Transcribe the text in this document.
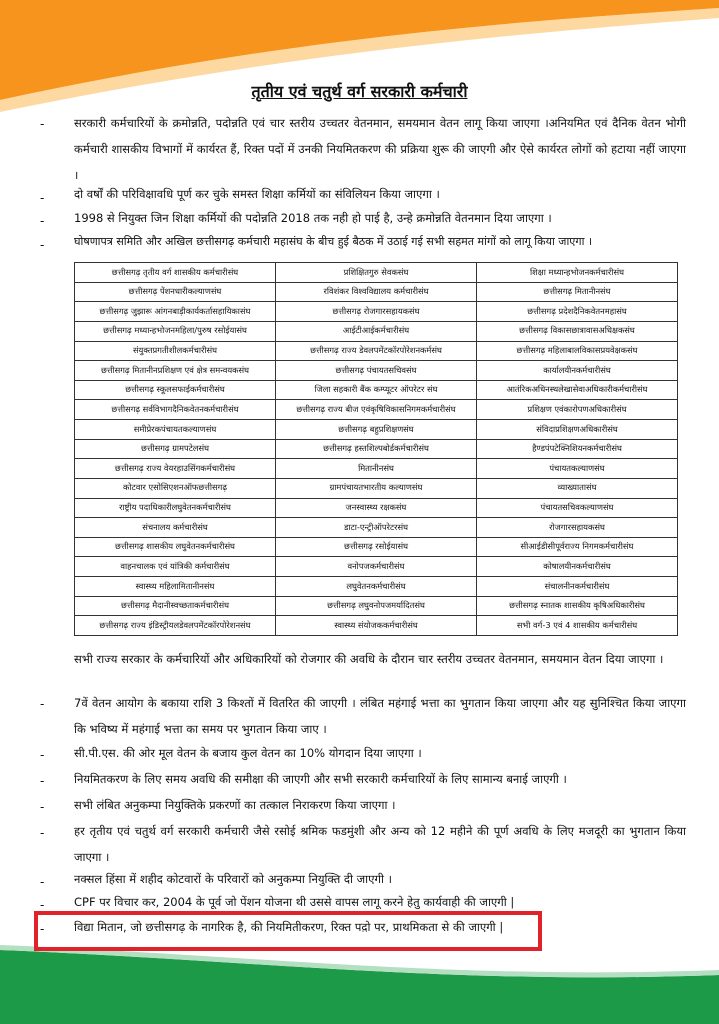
तृतीय एवं चतुर्थ वर्ग सरकारी कर्मचारी
-	सरकारी कर्मचारियों के क्रमोन्नति, पदोन्नति एवं चार स्तरीय उच्चतर वेतनमान, समयमान वेतन लागू किया जाएगा ।अनियमित एवं दैनिक वेतन भोगी कर्मचारी शासकीय विभागों में कार्यरत हैं, रिक्त पदों में उनकी नियमितकरण की प्रक्रिया शुरू की जाएगी और ऐसे कार्यरत लोगों को हटाया नहीं जाएगा ।
-	दो वर्षों की परिविक्षावधि पूर्ण कर चुके समस्त शिक्षा कर्मियों का संविलियन किया जाएगा ।
-	1998 से नियुक्त जिन शिक्षा कर्मियों की पदोन्नति 2018 तक नही हो पाई है, उन्हे क्रमोन्नति वेतनमान दिया जाएगा ।
-	घोषणापत्र समिति और अखिल छत्तीसगढ़ कर्मचारी महासंघ के बीच हुई बैठक में उठाई गई सभी सहमत मांगों को लागू किया जाएगा ।
छत्तीसगढ़ तृतीय वर्ग शासकीय कर्मचारीसंघ	प्रशिक्षितगुरु सेवकसंघ	शिक्षा मध्यान्हभोजनकर्मचारीसंघ
छत्तीसगढ़ पेंशनधारीकल्याणसंघ	रविशंकर विश्वविद्यालय कर्मचारीसंघ	छत्तीसगढ़ मितानीनसंघ
छत्तीसगढ़ जुझारू आंगनबाड़ीकार्यकर्तासहायिकासंघ	छत्तीसगढ़ रोजगारसहायकसंघ	छत्तीसगढ़ प्रदेशदैनिकवेतनमहासंघ
छत्तीसगढ़ मध्यान्हभोजनमहिला/पुरुष रसोईयासंघ	आईटीआईकर्मचारीसंघ	छत्तीसगढ़ विकासछात्रावासअधिक्षकसंघ
संयुक्तप्रगतीशीलकर्मचारीसंघ	छत्तीसगढ़ राज्य डेवलपमेंटकॉरपोरेशनकर्मसंघ	छत्तीसगढ़ महिलाबालविकासप्रयवेक्षकसंघ
छत्तीसगढ़ मितानीनप्रशिक्षण एवं क्षेत्र समन्वयकसंघ	छत्तीसगढ़ पंचायतसचिवसंघ	कार्यालयीनकर्मचारीसंघ
छत्तीसगढ़ स्कूलसफाईकर्मचारीसंघ	जिला सहकारी बैंक कम्प्यूटर ऑपरेटर संघ	आतंरिकअधिनस्थलेखासेवाअधिकारीकर्मचारीसंघ
छत्तीसगढ़ सर्वविभागदैनिकवेतनकर्मचारीसंघ	छत्तीसगढ़ राज्य बीज एवंकृषिविकासनिगमकर्मचारीसंघ	प्रशिक्षण एवंकारोपणअधिकारीसंघ
समीप्रेरकपंचायतकल्याणसंघ	छत्तीसगढ़ बहुप्रशिक्षणसंघ	संविदाप्रशिक्षणअधिकारीसंघ
छत्तीसगढ़ ग्रामपटेलसंघ	छत्तीसगढ़ हस्तशिल्पबोर्डकर्मचारीसंघ	हैण्डपंपटेक्निशियनकर्मचारीसंघ
छत्तीसगढ़ राज्य वेयरहाउसिंगकर्मचारीसंघ	मितानीनसंघ	पंचायतकल्याणसंघ
कोटवार एसोसिएशनऑफछत्तीसगढ़	ग्रामपंचायतभारतीय कल्याणसंघ	व्याख्यातासंघ
राष्ट्रीय पदाधिकारीलघुवेतनकर्मचारीसंघ	जनस्वास्थ्य रक्षकसंघ	पंचायतसचिवकल्याणसंघ
संचनालय कर्मचारीसंघ	डाटा-एन्ट्रीऑपरेटरसंघ	रोजगारसहायकसंघ
छत्तीसगढ़ शासकीय लघुवेतनकर्मचारीसंघ	छत्तीसगढ़ रसोईयासंघ	सीआईडीसीपूर्वराज्य निगमकर्मचारीसंघ
वाहनचालक एवं यांत्रिकी कर्मचारीसंघ	वनोपजकर्मचारीसंघ	कोषालयीनकर्मचारीसंघ
स्वास्थ्य महिलामितानीनसंघ	लघुवेतनकर्मचारीसंघ	संचालनीनकर्मचारीसंघ
छत्तीसगढ़ मैदानीस्वच्छताकर्मचारीसंघ	छत्तीसगढ़ लघुवनोपजमर्यादितसंघ	छत्तीसगढ़ स्नातक शासकीय कृषिअधिकारीसंघ
छत्तीसगढ़ राज्य इंडिस्ट्रीयलडेवलपमेंटकॉरपोरेशनसंघ	स्वास्थ्य संयोजककर्मचारीसंघ	सभी वर्ग-3 एवं 4 शासकीय कर्मचारीसंघ
सभी राज्य सरकार के कर्मचारियों और अधिकारियों को रोजगार की अवधि के दौरान चार स्तरीय उच्चतर वेतनमान, समयमान वेतन दिया जाएगा ।
-	7वें वेतन आयोग के बकाया राशि 3 किश्तों में वितरित की जाएगी । लंबित महंगाई भत्ता का भुगतान किया जाएगा और यह सुनिश्चित किया जाएगा कि भविष्य में महंगाई भत्ता का समय पर भुगतान किया जाए ।
-	सी.पी.एस. की ओर मूल वेतन के बजाय कुल वेतन का 10% योगदान दिया जाएगा ।
-	नियमितकरण के लिए समय अवधि की समीक्षा की जाएगी और सभी सरकारी कर्मचारियों के लिए सामान्य बनाई जाएगी ।
-	सभी लंबित अनुकम्पा नियुक्तिके प्रकरणों का तत्काल निराकरण किया जाएगा ।
-	हर तृतीय एवं चतुर्थ वर्ग सरकारी कर्मचारी जैसे रसोई श्रमिक फडमुंशी और अन्य को 12 महीने की पूर्ण अवधि के लिए मजदूरी का भुगतान किया जाएगा ।
-	नक्सल हिंसा में शहीद कोटवारों के परिवारों को अनुकम्पा नियुक्ति दी जाएगी ।
-	CPF पर विचार कर, 2004 के पूर्व जो पेंशन योजना थी उससे वापस लागू करने हेतु कार्यवाही की जाएगी |
-	विद्या मितान, जो छत्तीसगढ़ के नागरिक है, की नियमितीकरण, रिक्त पद़ो पर, प्राथमिकता से की जाएगी |
